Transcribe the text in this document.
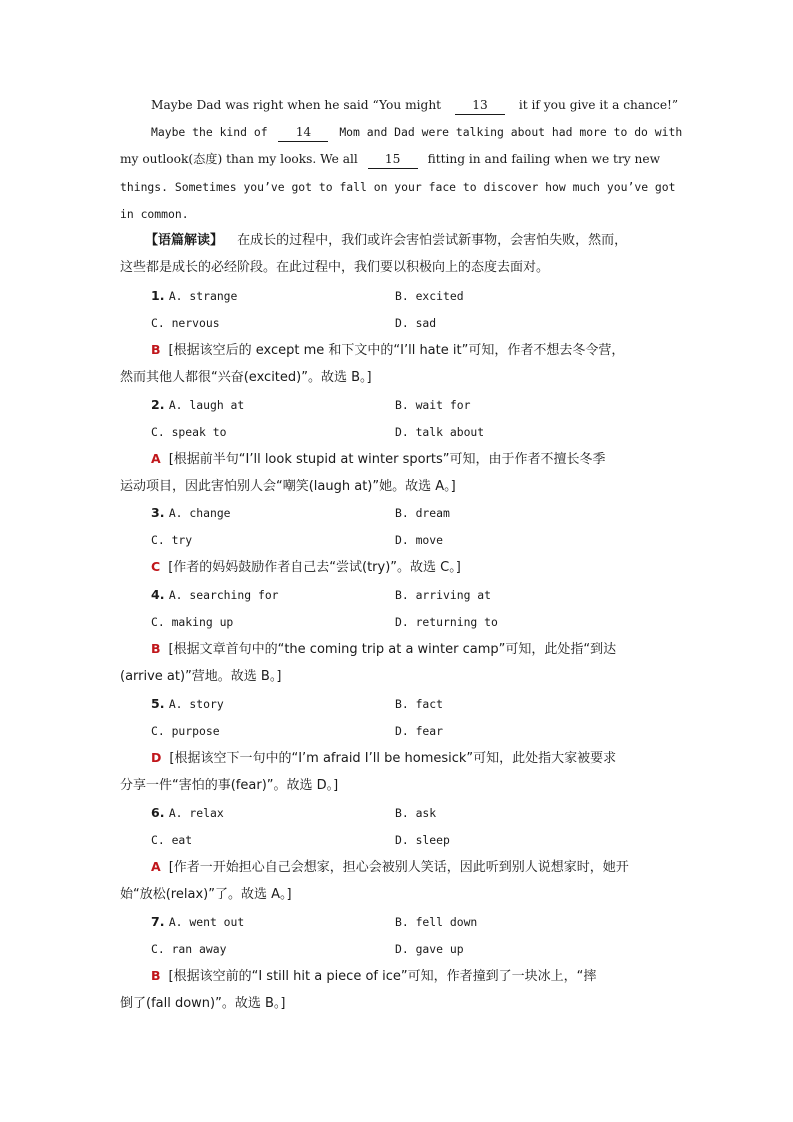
Maybe Dad was right when he said “You might	13	it if you give it a chance!”
Maybe the kind of 14 Mom and Dad were talking about had more to do with
my outlook(态度) than my looks. We all 15 fitting in and failing when we try new
things. Sometimes you’ve got to fall on your face to discover how much you’ve got
in common.
【语篇解读】 在成长的过程中，我们或许会害怕尝试新事物，会害怕失败，然而，
这些都是成长的必经阶段。在此过程中，我们要以积极向上的态度去面对。
1. A. strange	B. excited
C. nervous	D. sad
B [根据该空后的 except me 和下文中的“I’ll hate it”可知，作者不想去冬令营，
然而其他人都很“兴奋(excited)”。故选 B。]
2. A. laugh at	B. wait for
C. speak to	D. talk about
A [根据前半句“I’ll look stupid at winter sports”可知，由于作者不擅长冬季
运动项目，因此害怕别人会“嘲笑(laugh at)”她。故选 A。]
3. A. change	B. dream
C. try	D. move
C [作者的妈妈鼓励作者自己去“尝试(try)”。故选 C。]
4. A. searching for	B. arriving at
C. making up	D. returning to
B [根据文章首句中的“the coming trip at a winter camp”可知，此处指“到达
(arrive at)”营地。故选 B。]
5. A. story	B. fact
C. purpose	D. fear
D [根据该空下一句中的“I’m afraid I’ll be homesick”可知，此处指大家被要求
分享一件“害怕的事(fear)”。故选 D。]
6. A. relax	B. ask
C. eat	D. sleep
A [作者一开始担心自己会想家，担心会被别人笑话，因此听到别人说想家时，她开
始“放松(relax)”了。故选 A。]
7. A. went out	B. fell down
C. ran away	D. gave up
B [根据该空前的“I still hit a piece of ice”可知，作者撞到了一块冰上，“摔
倒了(fall down)”。故选 B。]
